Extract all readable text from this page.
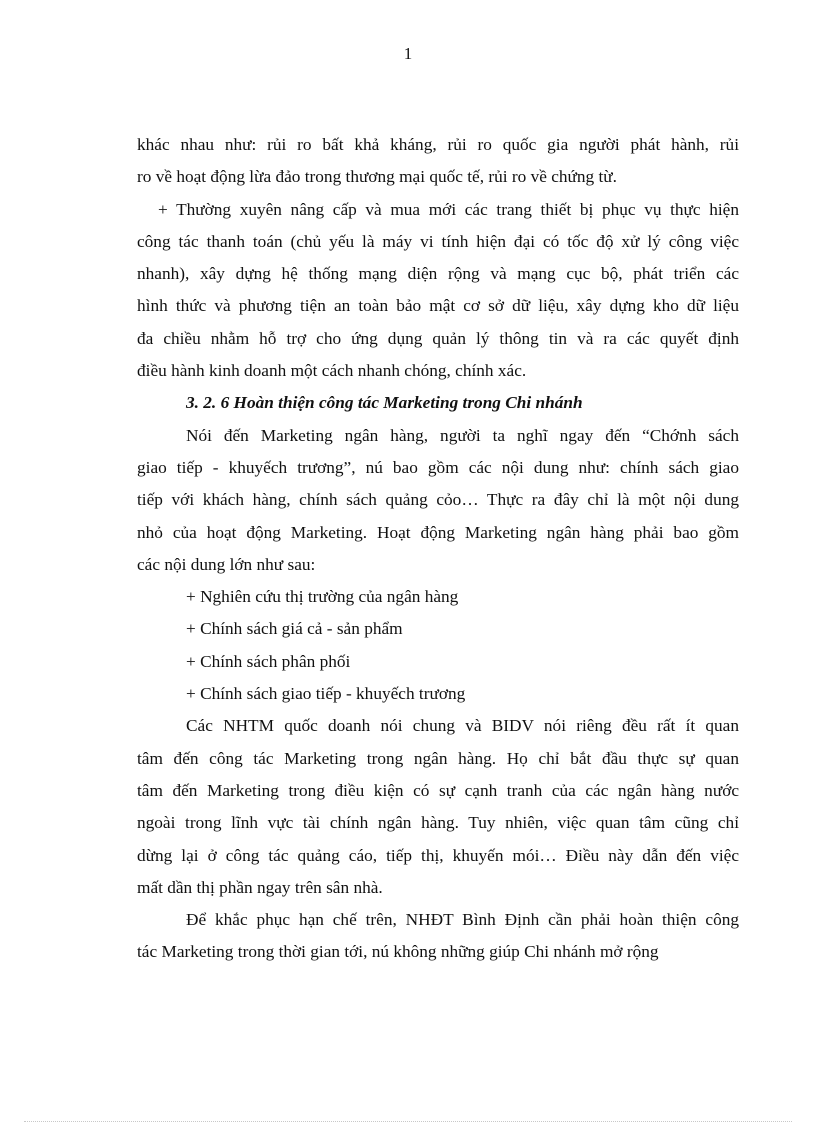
1
khác nhau như: rủi ro bất khả kháng, rủi ro quốc gia người phát hành, rủi
ro về hoạt động lừa đảo trong thương mại quốc tế, rủi ro về chứng từ.
+ Thường xuyên nâng cấp và mua mới các trang thiết bị phục vụ thực hiện
công tác thanh toán (chủ yếu là máy vi tính hiện đại có tốc độ xử lý công việc
nhanh), xây dựng hệ thống mạng diện rộng và mạng cục bộ, phát triển các
hình thức và phương tiện an toàn bảo mật cơ sở dữ liệu, xây dựng kho dữ liệu
đa chiều nhằm hỗ trợ cho ứng dụng quản lý thông tin và ra các quyết định
điều hành kinh doanh một cách nhanh chóng, chính xác.
3. 2. 6 Hoàn thiện công tác Marketing trong Chi nhánh
Nói đến Marketing ngân hàng, người ta nghĩ ngay đến “Chớnh sách
giao tiếp - khuyếch trương”, nú bao gồm các nội dung như: chính sách giao
tiếp với khách hàng, chính sách quảng cỏo… Thực ra đây chỉ là một nội dung
nhỏ của hoạt động Marketing. Hoạt động Marketing ngân hàng phải bao gồm
các nội dung lớn như sau:
+ Nghiên cứu thị trường của ngân hàng
+ Chính sách giá cả - sản phẩm
+ Chính sách phân phối
+ Chính sách giao tiếp - khuyếch trương
Các NHTM quốc doanh nói chung và BIDV nói riêng đều rất ít quan
tâm đến công tác Marketing trong ngân hàng. Họ chỉ bắt đầu thực sự quan
tâm đến Marketing trong điều kiện có sự cạnh tranh của các ngân hàng nước
ngoài trong lĩnh vực tài chính ngân hàng. Tuy nhiên, việc quan tâm cũng chỉ
dừng lại ở công tác quảng cáo, tiếp thị, khuyến mói… Điều này dẫn đến việc
mất dần thị phần ngay trên sân nhà.
Để khắc phục hạn chế trên, NHĐT Bình Định cần phải hoàn thiện công
tác Marketing trong thời gian tới, nú không những giúp Chi nhánh mở rộng
